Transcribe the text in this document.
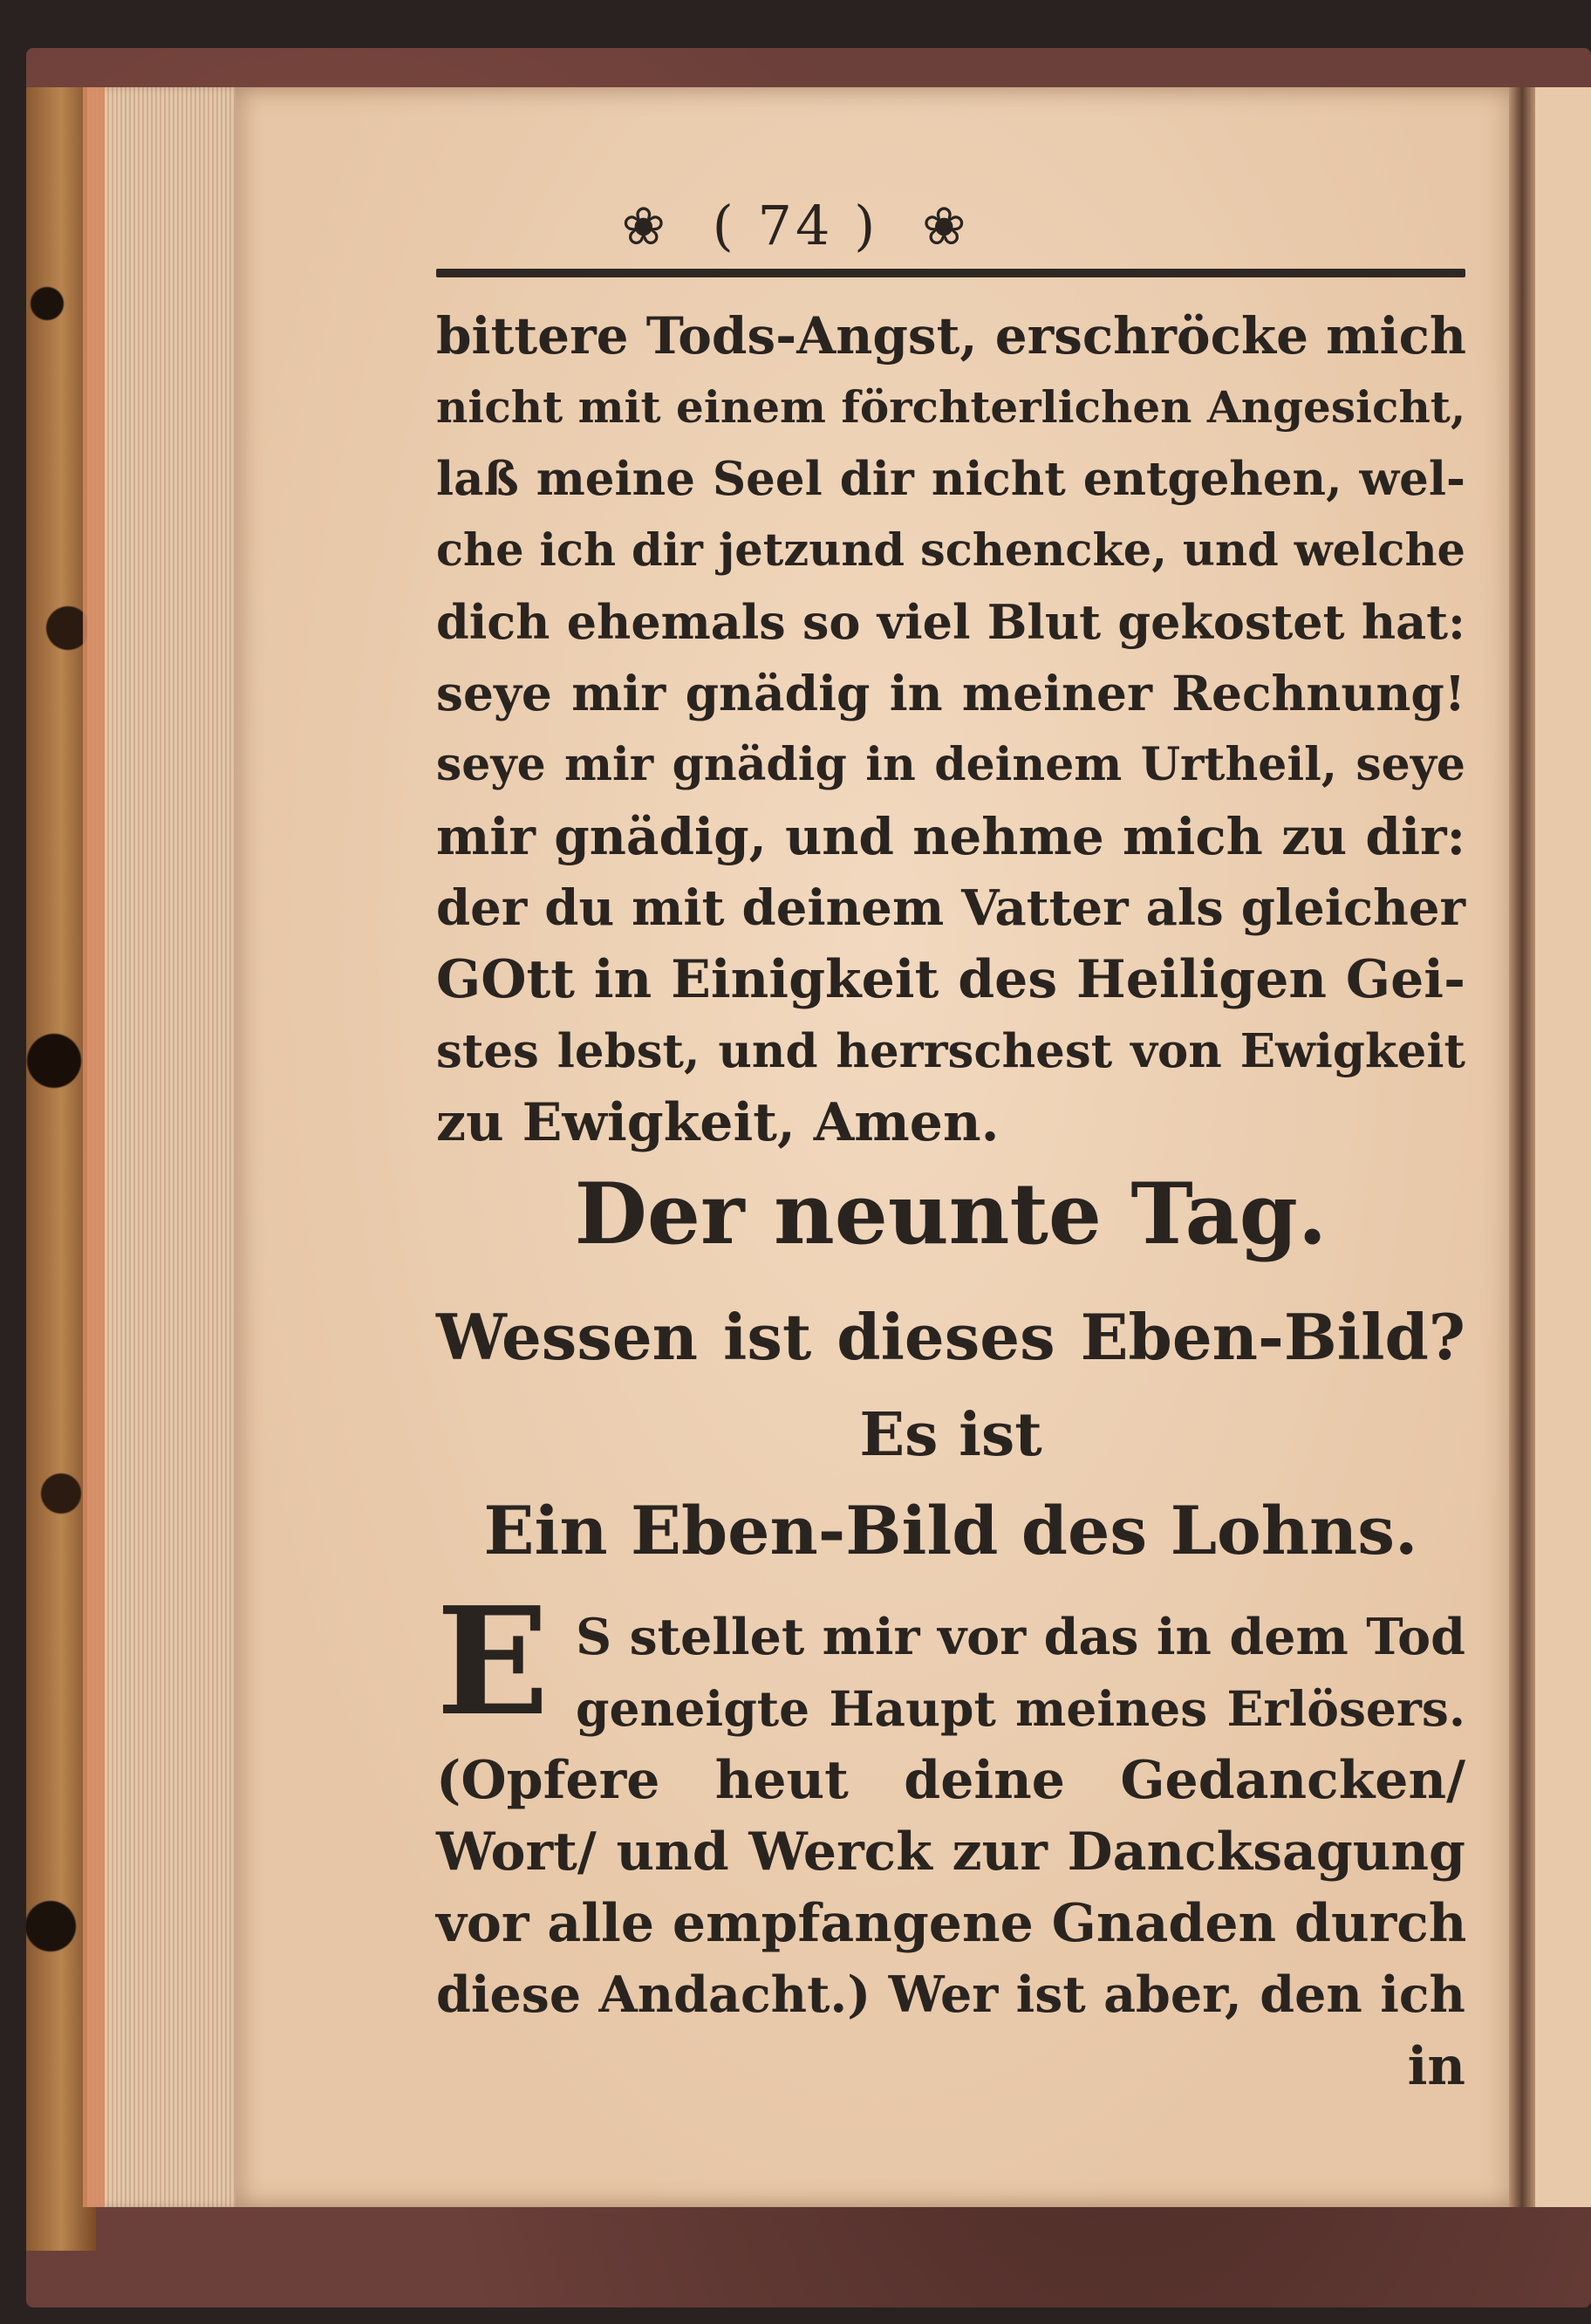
❀ ( 74 ) ❀
bittere Tods-Angst, erschröcke mich
nicht mit einem förchterlichen Angesicht,
laß meine Seel dir nicht entgehen, wel-
che ich dir jetzund schencke, und welche
dich ehemals so viel Blut gekostet hat:
seye mir gnädig in meiner Rechnung!
seye mir gnädig in deinem Urtheil, seye
mir gnädig, und nehme mich zu dir:
der du mit deinem Vatter als gleicher
GOtt in Einigkeit des Heiligen Gei-
stes lebst, und herrschest von Ewigkeit
zu Ewigkeit, Amen.
Der neunte Tag.
Wessen ist dieses Eben-Bild?
Es ist
Ein Eben-Bild des Lohns.
E S stellet mir vor das in dem Tod
geneigte Haupt meines Erlösers.
(Opfere heut deine Gedancken/
Wort/ und Werck zur Dancksagung
vor alle empfangene Gnaden durch
diese Andacht.) Wer ist aber, den ich
in
